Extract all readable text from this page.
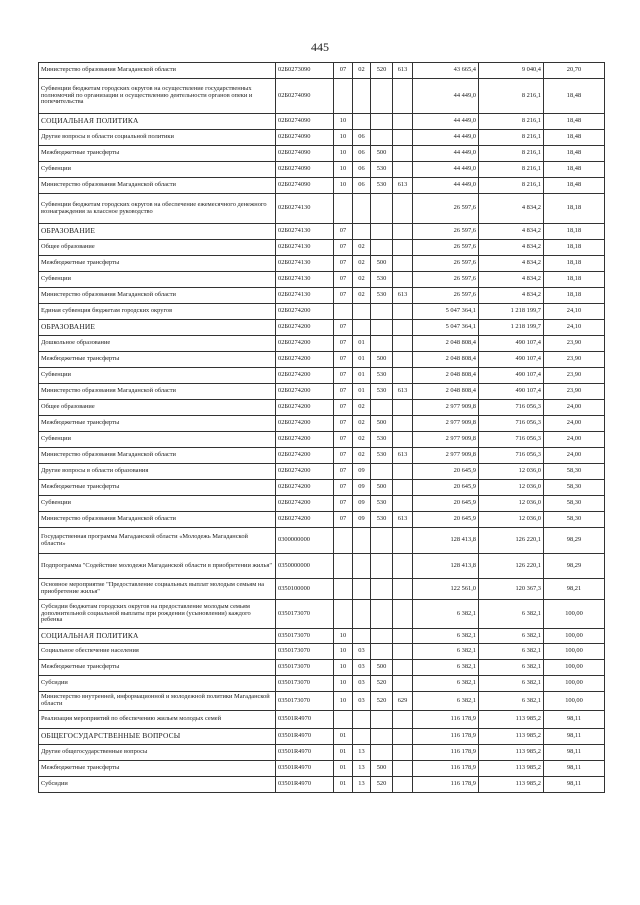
445
Министерство образования Магаданской области	02Б0273090	07	02	520	613	43 665,4	9 040,4	20,70
Субвенции бюджетам городских округов на осуществление государственных полномочий по организации и осуществлению деятельности органов опеки и попечительства	02Б0274090					44 449,0	8 216,1	18,48
СОЦИАЛЬНАЯ ПОЛИТИКА	02Б0274090	10				44 449,0	8 216,1	18,48
Другие вопросы в области социальной политики	02Б0274090	10	06			44 449,0	8 216,1	18,48
Межбюджетные трансферты	02Б0274090	10	06	500		44 449,0	8 216,1	18,48
Субвенции	02Б0274090	10	06	530		44 449,0	8 216,1	18,48
Министерство образования Магаданской области	02Б0274090	10	06	530	613	44 449,0	8 216,1	18,48
Субвенции бюджетам городских округов на обеспечение ежемесячного денежного вознаграждения за классное руководство	02Б0274130					26 597,6	4 834,2	18,18
ОБРАЗОВАНИЕ	02Б0274130	07				26 597,6	4 834,2	18,18
Общее образование	02Б0274130	07	02			26 597,6	4 834,2	18,18
Межбюджетные трансферты	02Б0274130	07	02	500		26 597,6	4 834,2	18,18
Субвенции	02Б0274130	07	02	530		26 597,6	4 834,2	18,18
Министерство образования Магаданской области	02Б0274130	07	02	530	613	26 597,6	4 834,2	18,18
Единая субвенция бюджетам городских округов	02Б0274200					5 047 364,1	1 218 199,7	24,10
ОБРАЗОВАНИЕ	02Б0274200	07				5 047 364,1	1 218 199,7	24,10
Дошкольное образование	02Б0274200	07	01			2 048 808,4	490 107,4	23,90
Межбюджетные трансферты	02Б0274200	07	01	500		2 048 808,4	490 107,4	23,90
Субвенции	02Б0274200	07	01	530		2 048 808,4	490 107,4	23,90
Министерство образования Магаданской области	02Б0274200	07	01	530	613	2 048 808,4	490 107,4	23,90
Общее образование	02Б0274200	07	02			2 977 909,8	716 056,3	24,00
Межбюджетные трансферты	02Б0274200	07	02	500		2 977 909,8	716 056,3	24,00
Субвенции	02Б0274200	07	02	530		2 977 909,8	716 056,3	24,00
Министерство образования Магаданской области	02Б0274200	07	02	530	613	2 977 909,8	716 056,3	24,00
Другие вопросы в области образования	02Б0274200	07	09			20 645,9	12 036,0	58,30
Межбюджетные трансферты	02Б0274200	07	09	500		20 645,9	12 036,0	58,30
Субвенции	02Б0274200	07	09	530		20 645,9	12 036,0	58,30
Министерство образования Магаданской области	02Б0274200	07	09	530	613	20 645,9	12 036,0	58,30
Государственная программа Магаданской области «Молодежь Магаданской области»	0300000000					128 413,8	126 220,1	98,29
Подпрограмма "Содействие молодежи Магаданской области в приобретении жилья"	0350000000					128 413,8	126 220,1	98,29
Основное мероприятие "Предоставление социальных выплат молодым семьям на приобретение жилья"	0350100000					122 561,0	120 367,3	98,21
Субсидии бюджетам городских округов на предоставление молодым семьям дополнительной социальной выплаты при рождении (усыновлении) каждого ребенка	0350173070					6 382,1	6 382,1	100,00
СОЦИАЛЬНАЯ ПОЛИТИКА	0350173070	10				6 382,1	6 382,1	100,00
Социальное обеспечение населения	0350173070	10	03			6 382,1	6 382,1	100,00
Межбюджетные трансферты	0350173070	10	03	500		6 382,1	6 382,1	100,00
Субсидии	0350173070	10	03	520		6 382,1	6 382,1	100,00
Министерство внутренней, информационной и молодежной политики Магаданской области	0350173070	10	03	520	629	6 382,1	6 382,1	100,00
Реализация мероприятий по обеспечению жильем молодых семей	03501R4970					116 178,9	113 985,2	98,11
ОБЩЕГОСУДАРСТВЕННЫЕ ВОПРОСЫ	03501R4970	01				116 178,9	113 985,2	98,11
Другие общегосударственные вопросы	03501R4970	01	13			116 178,9	113 985,2	98,11
Межбюджетные трансферты	03501R4970	01	13	500		116 178,9	113 985,2	98,11
Субсидии	03501R4970	01	13	520		116 178,9	113 985,2	98,11
